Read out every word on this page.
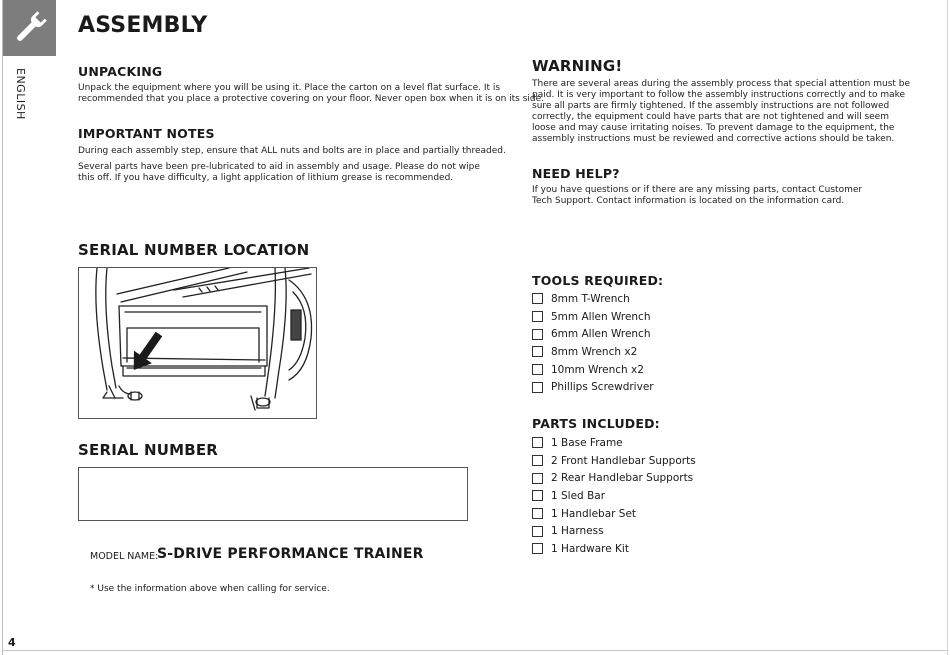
ENGLISH
4
ASSEMBLY
UNPACKING
Unpack the equipment where you will be using it. Place the carton on a level flat surface. It is
recommended that you place a protective covering on your floor. Never open box when it is on its side.
IMPORTANT NOTES
During each assembly step, ensure that ALL nuts and bolts are in place and partially threaded.
Several parts have been pre-lubricated to aid in assembly and usage. Please do not wipe
this off. If you have difficulty, a light application of lithium grease is recommended.
WARNING!
There are several areas during the assembly process that special attention must be
paid. It is very important to follow the assembly instructions correctly and to make
sure all parts are firmly tightened. If the assembly instructions are not followed
correctly, the equipment could have parts that are not tightened and will seem
loose and may cause irritating noises. To prevent damage to the equipment, the
assembly instructions must be reviewed and corrective actions should be taken.
NEED HELP?
If you have questions or if there are any missing parts, contact Customer
Tech Support. Contact information is located on the information card.
SERIAL NUMBER LOCATION
SERIAL NUMBER
MODEL NAME:
S-DRIVE PERFORMANCE TRAINER
* Use the information above when calling for service.
TOOLS REQUIRED:
8mm T-Wrench
5mm Allen Wrench
6mm Allen Wrench
8mm Wrench x2
10mm Wrench x2
Phillips Screwdriver
PARTS INCLUDED:
1 Base Frame
2 Front Handlebar Supports
2 Rear Handlebar Supports
1 Sled Bar
1 Handlebar Set
1 Harness
1 Hardware Kit
